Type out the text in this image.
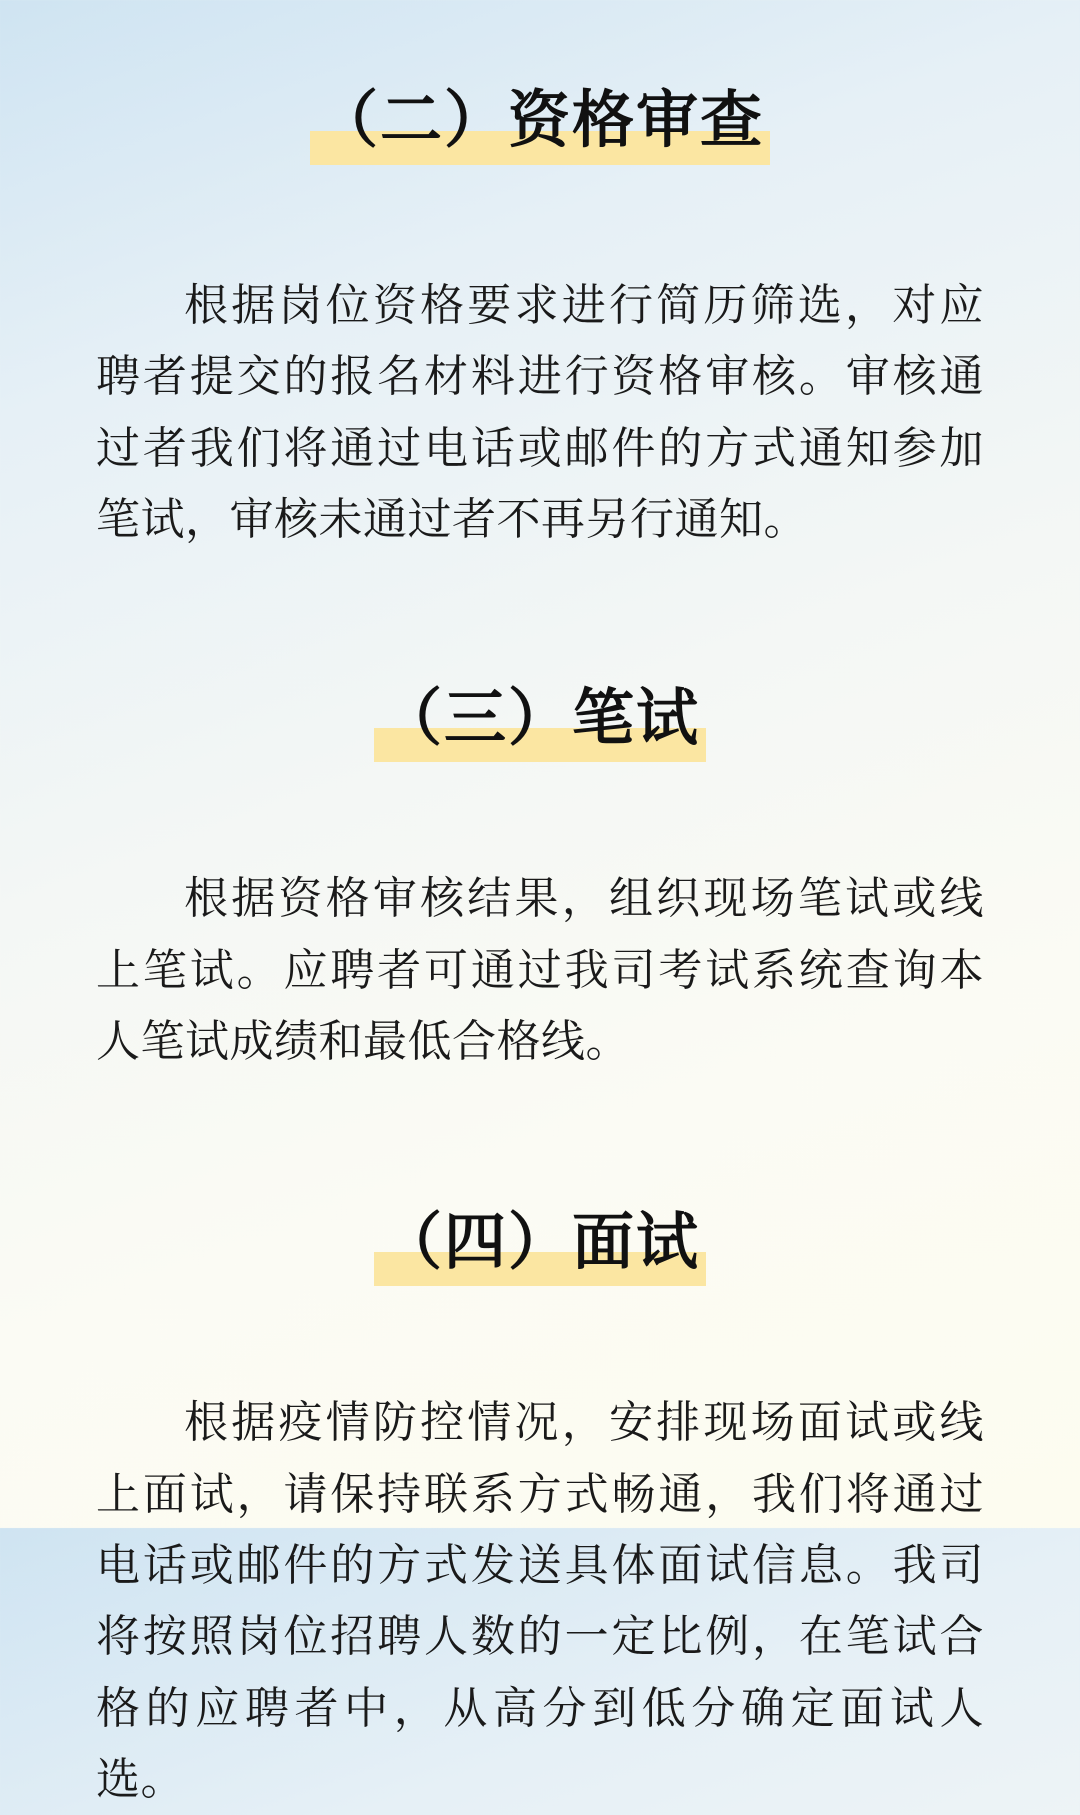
（二）资格审查

根据岗位资格要求进行简历筛选，对应聘者提交的报名材料进行资格审核。审核通过者我们将通过电话或邮件的方式通知参加笔试，审核未通过者不再另行通知。

（三）笔试

根据资格审核结果，组织现场笔试或线上笔试。应聘者可通过我司考试系统查询本人笔试成绩和最低合格线。

（四）面试

根据疫情防控情况，安排现场面试或线上面试，请保持联系方式畅通，我们将通过电话或邮件的方式发送具体面试信息。我司将按照岗位招聘人数的一定比例，在笔试合格的应聘者中，从高分到低分确定面试人选。
